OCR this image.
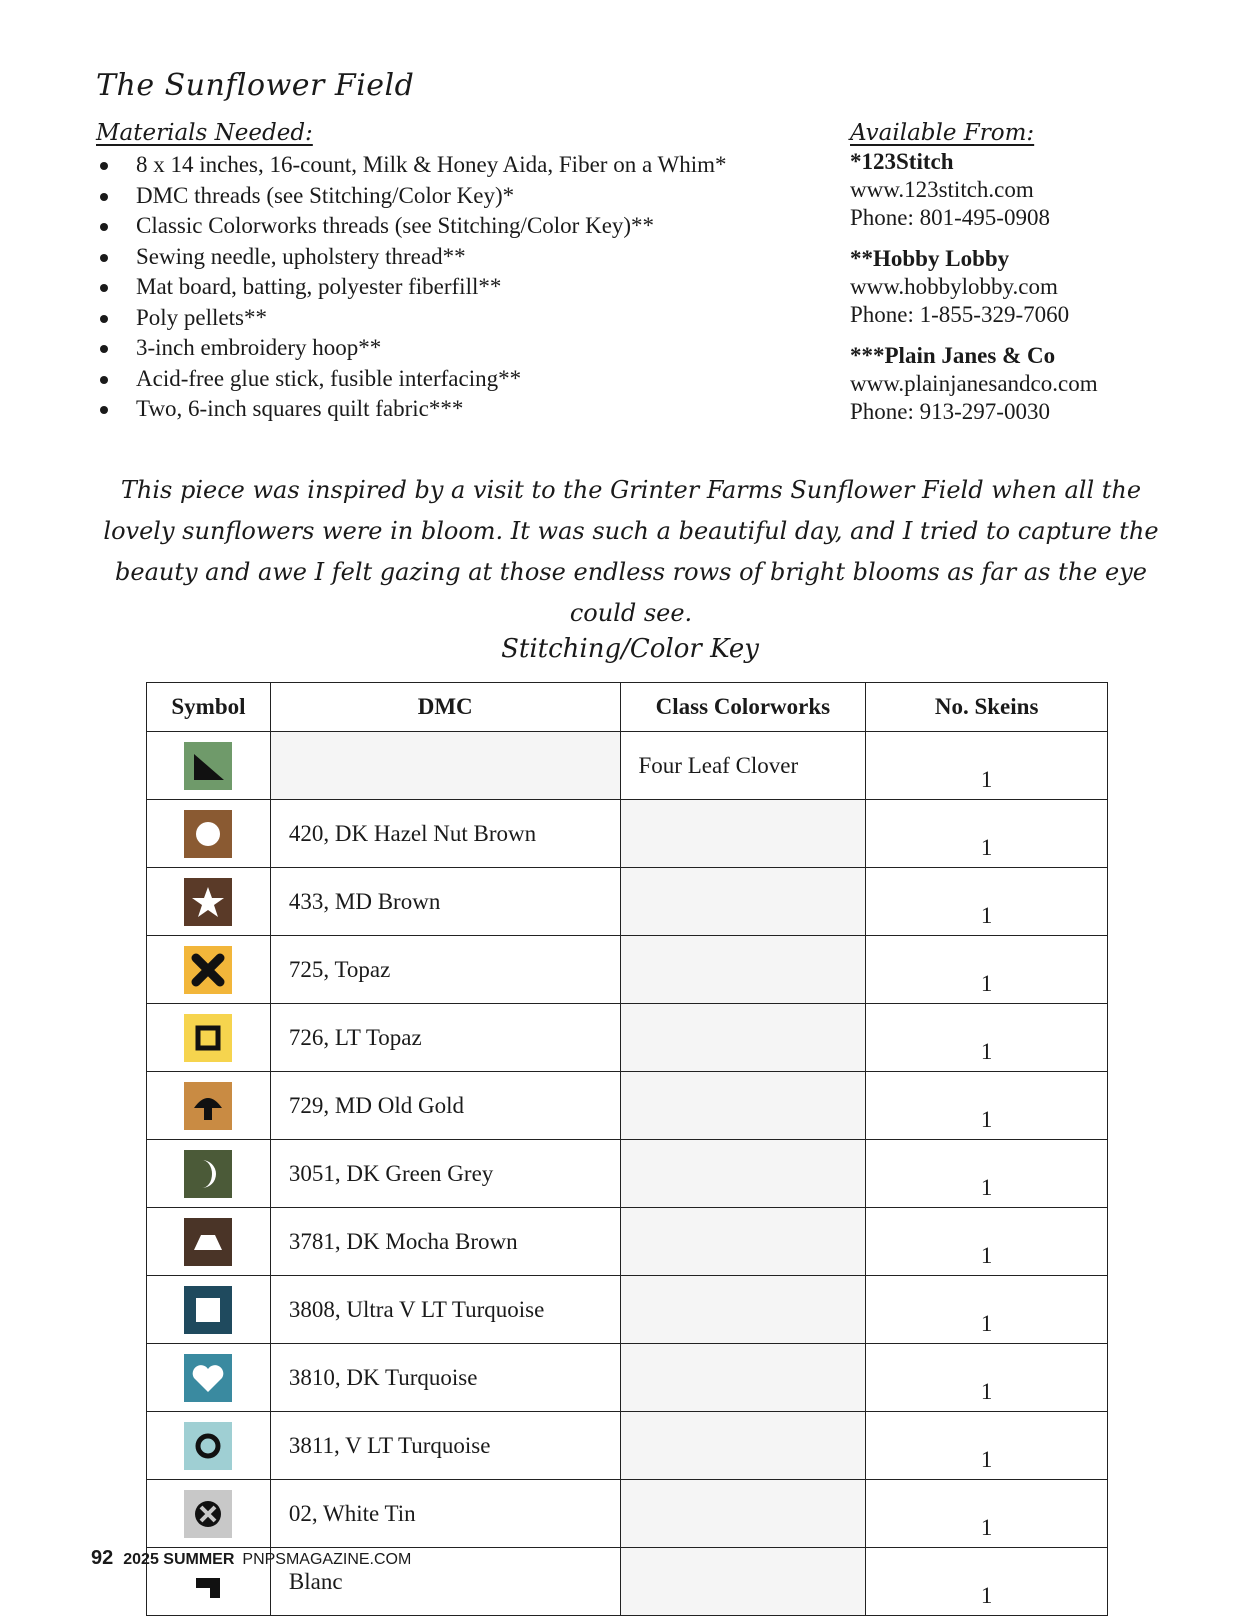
The Sunflower Field
Materials Needed:
8 x 14 inches, 16-count, Milk & Honey Aida, Fiber on a Whim*
DMC threads (see Stitching/Color Key)*
Classic Colorworks threads (see Stitching/Color Key)**
Sewing needle, upholstery thread**
Mat board, batting, polyester fiberfill**
Poly pellets**
3-inch embroidery hoop**
Acid-free glue stick, fusible interfacing**
Two, 6-inch squares quilt fabric***
Available From:
*123Stitch
www.123stitch.com
Phone: 801-495-0908
**Hobby Lobby
www.hobbylobby.com
Phone: 1-855-329-7060
***Plain Janes & Co
www.plainjanesandco.com
Phone: 913-297-0030
This piece was inspired by a visit to the Grinter Farms Sunflower Field when all the lovely sunflowers were in bloom. It was such a beautiful day, and I tried to capture the beauty and awe I felt gazing at those endless rows of bright blooms as far as the eye could see.
Stitching/Color Key
Symbol	DMC	Class Colorworks	No. Skeins

		Four Leaf Clover	1

	420, DK Hazel Nut Brown		1

	433, MD Brown		1

	725, Topaz		1

	726, LT Topaz		1

	729, MD Old Gold		1

	3051, DK Green Grey		1

	3781, DK Mocha Brown		1

	3808, Ultra V LT Turquoise		1

	3810, DK Turquoise		1

	3811, V LT Turquoise		1

	02, White Tin		1

	Blanc		1
92 2025 SUMMER PNPSMAGAZINE.COM
